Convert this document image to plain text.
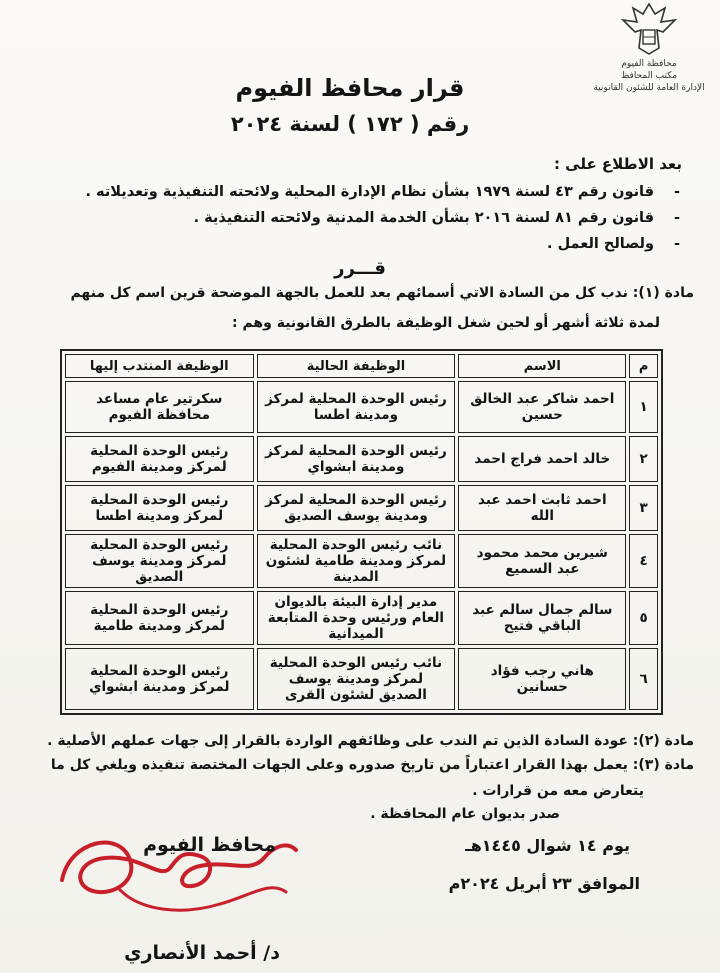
محافظة الفيوم
مكتب المحافظ
الإدارة العامة للشئون القانونية
قرار محافظ الفيوم
رقم ( ١٧٢ ) لسنة ٢٠٢٤
بعد الاطلاع على :
-قانون رقم ٤٣ لسنة ١٩٧٩ بشأن نظام الإدارة المحلية ولائحته التنفيذية وتعديلاته .
-قانون رقم ٨١ لسنة ٢٠١٦ بشأن الخدمة المدنية ولائحته التنفيذية .
-ولصالح العمل .
قـــرر
مادة (١): ندب كل من السادة الاتي أسمائهم بعد للعمل بالجهة الموضحة قرين اسم كل منهم
لمدة ثلاثة أشهر أو لحين شغل الوظيفة بالطرق القانونية وهم :
م	الاسم	الوظيفة الحالية	الوظيفة المنتدب إليها
١	احمد شاكر عبد الخالق حسين	رئيس الوحدة المحلية لمركز ومدينة اطسا	سكرتير عام مساعد محافظة الفيوم
٢	خالد احمد فراج احمد	رئيس الوحدة المحلية لمركز ومدينة ابشواي	رئيس الوحدة المحلية لمركز ومدينة الفيوم
٣	احمد ثابت احمد عبد الله	رئيس الوحدة المحلية لمركز ومدينة يوسف الصديق	رئيس الوحدة المحلية لمركز ومدينة اطسا
٤	شيرين محمد محمود عبد السميع	نائب رئيس الوحدة المحلية لمركز ومدينة طامية لشئون المدينة	رئيس الوحدة المحلية لمركز ومدينة يوسف الصديق
٥	سالم جمال سالم عبد الباقي فتيح	مدير إدارة البيئة بالديوان العام ورئيس وحدة المتابعة الميدانية	رئيس الوحدة المحلية لمركز ومدينة طامية
٦	هاني رجب فؤاد حسانين	نائب رئيس الوحدة المحلية لمركز ومدينة يوسف الصديق لشئون القرى	رئيس الوحدة المحلية لمركز ومدينة ابشواي
مادة (٢): عودة السادة الذين تم الندب على وظائفهم الواردة بالقرار إلى جهات عملهم الأصلية .
مادة (٣): يعمل بهذا القرار اعتباراً من تاريخ صدوره وعلى الجهات المختصة تنفيذه ويلغي كل ما
يتعارض معه من قرارات .
صدر بديوان عام المحافظة .
يوم ١٤ شوال ١٤٤٥هـ
الموافق ٢٣ أبريل ٢٠٢٤م
محافظ الفيوم
د/ أحمد الأنصاري
